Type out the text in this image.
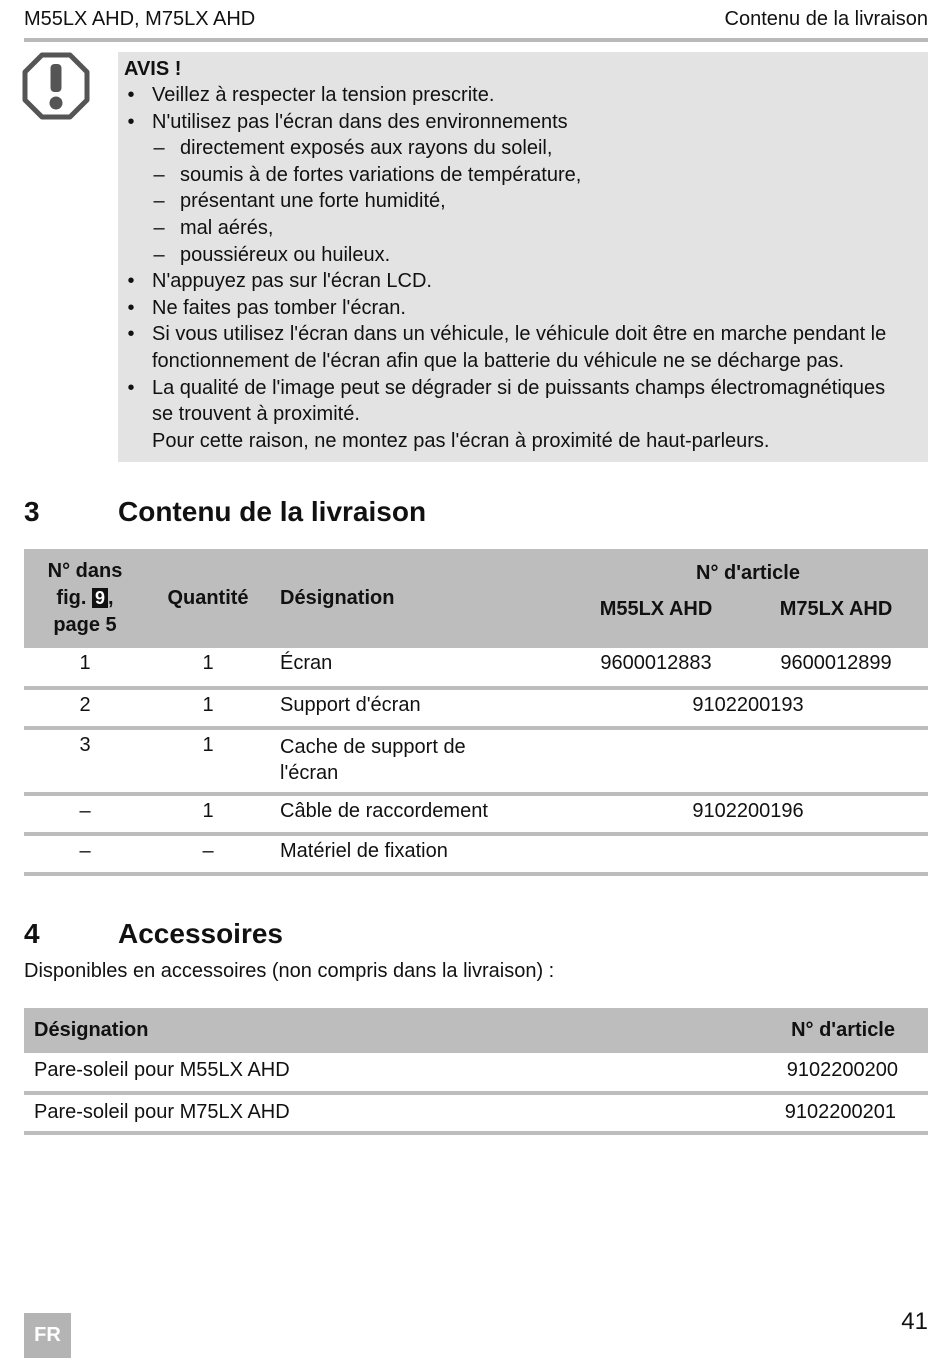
M55LX AHD, M75LX AHD	Contenu de la livraison
AVIS !
• Veillez à respecter la tension prescrite.
• N'utilisez pas l'écran dans des environnements
– directement exposés aux rayons du soleil,
– soumis à de fortes variations de température,
– présentant une forte humidité,
– mal aérés,
– poussiéreux ou huileux.
• N'appuyez pas sur l'écran LCD.
• Ne faites pas tomber l'écran.
• Si vous utilisez l'écran dans un véhicule, le véhicule doit être en marche pendant le
fonctionnement de l'écran afin que la batterie du véhicule ne se décharge pas.
• La qualité de l'image peut se dégrader si de puissants champs électromagnétiques
se trouvent à proximité.
Pour cette raison, ne montez pas l'écran à proximité de haut-parleurs.
3	Contenu de la livraison
N° dans
fig. 9 ,
page 5	Quantité	Désignation	N° d'article	
			M55LX AHD	M75LX AHD
1	1	Écran	9600012883	9600012899
2	1	Support d'écran	9102200193	
3	1	Cache de support de
l'écran		
–	1	Câble de raccordement	9102200196	
–	–	Matériel de fixation		
4	Accessoires
Disponibles en accessoires (non compris dans la livraison) :
Désignation	N° d'article
Pare-soleil pour M55LX AHD	9102200200
Pare-soleil pour M75LX AHD	9102200201
FR	41
